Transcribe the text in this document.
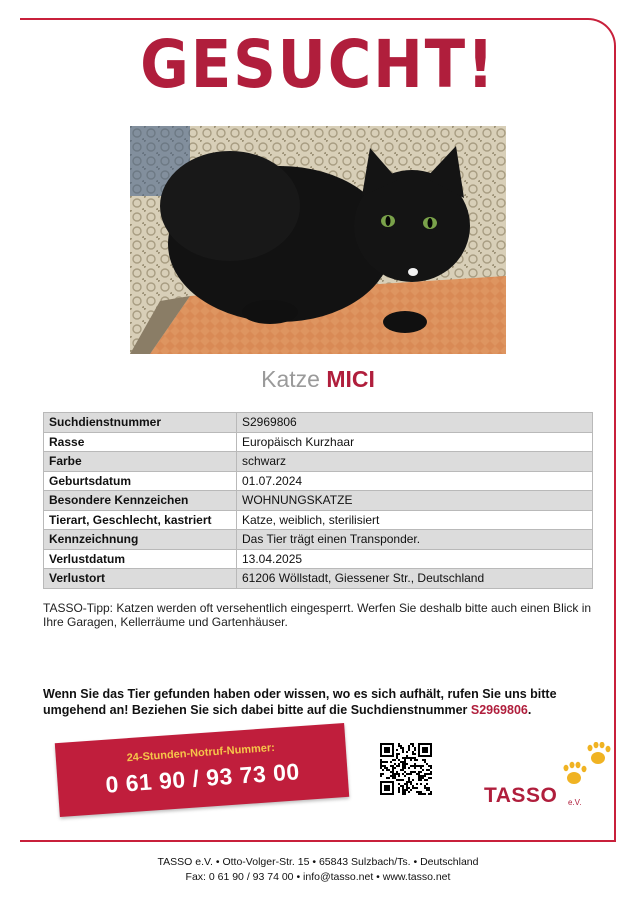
GESUCHT!
Katze MICI
Suchdienstnummer	S2969806
Rasse	Europäisch Kurzhaar
Farbe	schwarz
Geburtsdatum	01.07.2024
Besondere Kennzeichen	WOHNUNGSKATZE
Tierart, Geschlecht, kastriert	Katze, weiblich, sterilisiert
Kennzeichnung	Das Tier trägt einen Transponder.
Verlustdatum	13.04.2025
Verlustort	61206 Wöllstadt, Giessener Str., Deutschland
TASSO-Tipp: Katzen werden oft versehentlich eingesperrt. Werfen Sie deshalb bitte auch einen Blick in Ihre Garagen, Kellerräume und Gartenhäuser.
Wenn Sie das Tier gefunden haben oder wissen, wo es sich aufhält, rufen Sie uns bitte umgehend an! Beziehen Sie sich dabei bitte auf die Suchdienstnummer S2969806.
24-Stunden-Notruf-Nummer:
0 61 90 / 93 73 00	TASSO e.V.
TASSO e.V. • Otto-Volger-Str. 15 • 65843 Sulzbach/Ts. • Deutschland
Fax: 0 61 90 / 93 74 00 • info@tasso.net • www.tasso.net
